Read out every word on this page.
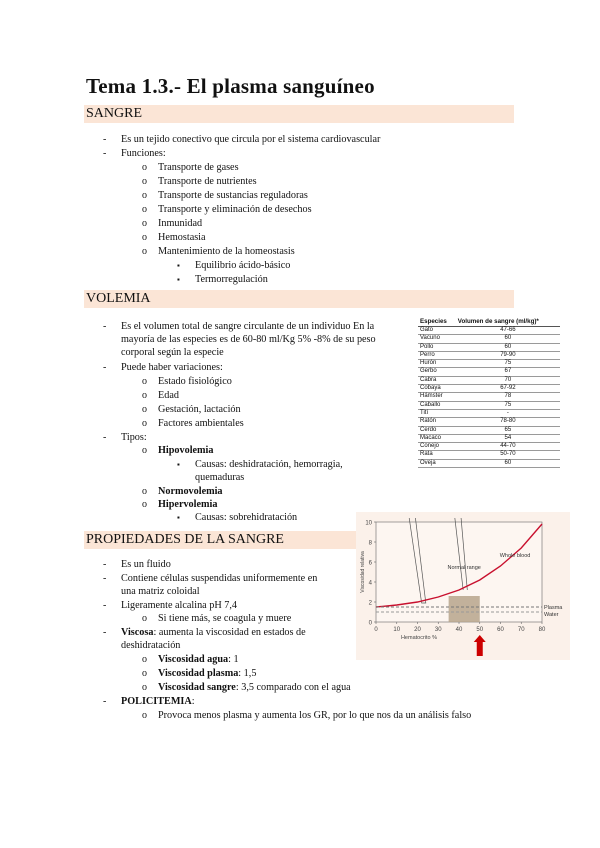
Tema 1.3.- El plasma sanguíneo
SANGRE
- Es un tejido conectivo que circula por el sistema cardiovascular
- Funciones:
o Transporte de gases
o Transporte de nutrientes
o Transporte de sustancias reguladoras
o Transporte y eliminación de desechos
o Inmunidad
o Hemostasia
o Mantenimiento de la homeostasis
▪ Equilibrio ácido-básico
▪ Termorregulación
VOLEMIA
- Es el volumen total de sangre circulante de un individuo En la
mayoría de las especies es de 60-80 ml/Kg 5% -8% de su peso
corporal según la especie
- Puede haber variaciones:
o Estado fisiológico
o Edad
o Gestación, lactación
o Factores ambientales
- Tipos:
o Hipovolemia
▪ Causas: deshidratación, hemorragia,
quemaduras
o Normovolemia
o Hipervolemia
▪ Causas: sobrehidratación
Especies	Volumen de sangre (ml/kg)*
Gato	47-66
Vacuno	60
Pollo	60
Perro	79-90
Hurón	75
Gerbo	67
Cabra	70
Cobaya	67-92
Hámster	78
Caballo	75
Tití	-
Ratón	78-80
Cerdo	65
Macaco	54
Conejo	44-70
Rata	50-70
Oveja	60
PROPIEDADES DE LA SANGRE
- Es un fluido
- Contiene células suspendidas uniformemente en
una matriz coloidal
- Ligeramente alcalina pH 7,4
o Si tiene más, se coagula y muere
- Viscosa: aumenta la viscosidad en estados de
deshidratación
o Viscosidad agua: 1
o Viscosidad plasma: 1,5
o Viscosidad sangre: 3,5 comparado con el agua
- POLICITEMIA:
o Provoca menos plasma y aumenta los GR, por lo que nos da un análisis falso
0
2
4
6
8
10
0	10 20 30 40 50 60 70 80
Hematocrito %
Viscosidad relativa	Normal range
Whole blood
Plasma
Water
